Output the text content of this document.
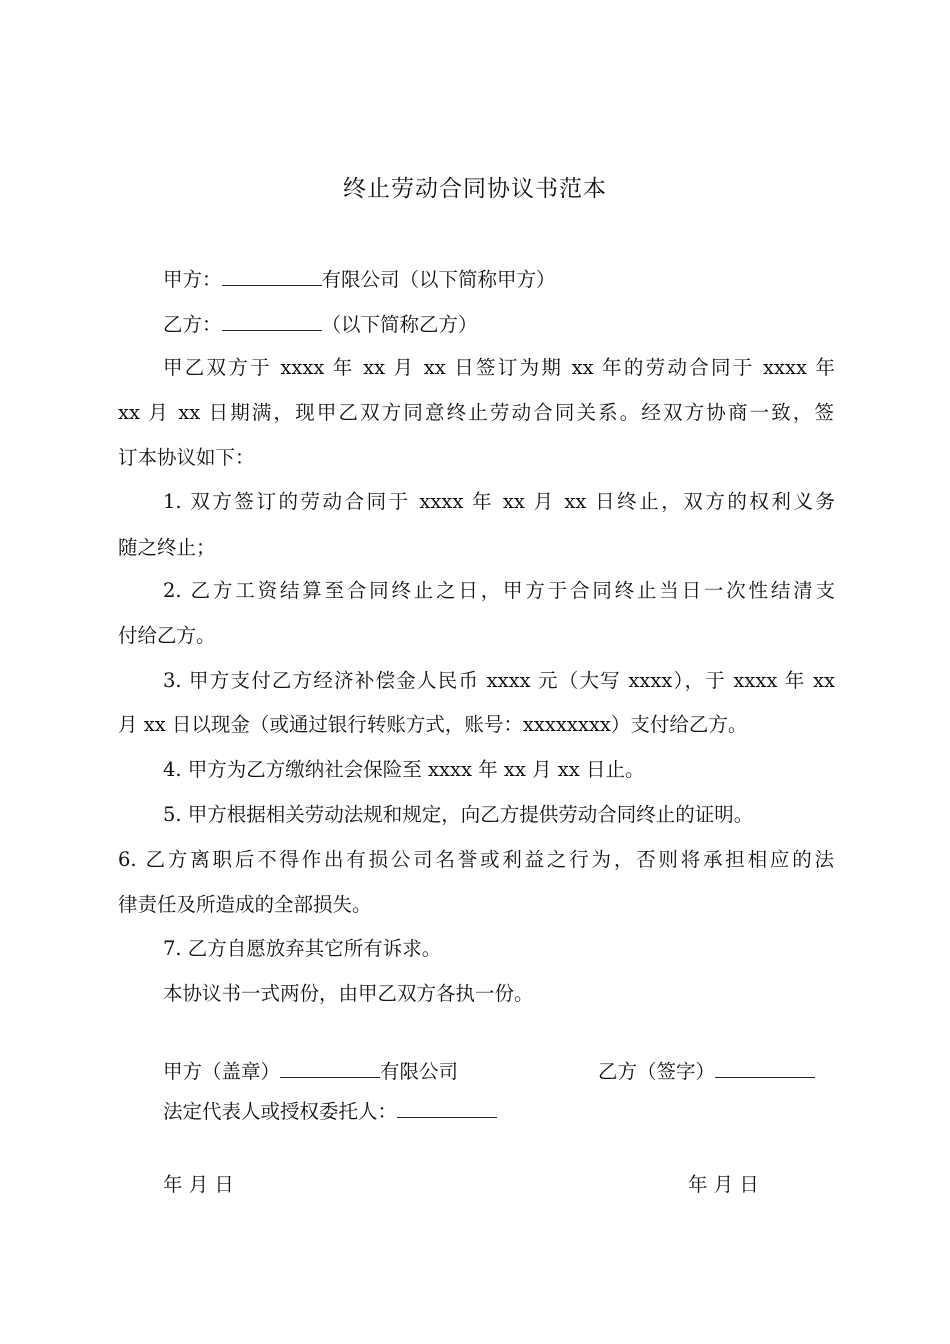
终止劳动合同协议书范本
甲方：	有限公司（以下简称甲方）
乙方：	（以下简称乙方）
甲乙双方于 xxxx 年 xx 月 xx 日签订为期 xx 年的劳动合同于 xxxx 年
xx 月 xx 日期满，现甲乙双方同意终止劳动合同关系。经双方协商一致，签
订本协议如下：
1. 双方签订的劳动合同于 xxxx 年 xx 月 xx 日终止，双方的权利义务
随之终止；
2. 乙方工资结算至合同终止之日，甲方于合同终止当日一次性结清支
付给乙方。
3. 甲方支付乙方经济补偿金人民币 xxxx 元（大写 xxxx），于 xxxx 年 xx
月 xx 日以现金（或通过银行转账方式，账号：xxxxxxxx）支付给乙方。
4. 甲方为乙方缴纳社会保险至 xxxx 年 xx 月 xx 日止。
5. 甲方根据相关劳动法规和规定，向乙方提供劳动合同终止的证明。
6. 乙方离职后不得作出有损公司名誉或利益之行为，否则将承担相应的法
律责任及所造成的全部损失。
7. 乙方自愿放弃其它所有诉求。
本协议书一式两份，由甲乙双方各执一份。
甲方（盖章）	有限公司	乙方（签字）
法定代表人或授权委托人：
年 月 日	年 月 日
